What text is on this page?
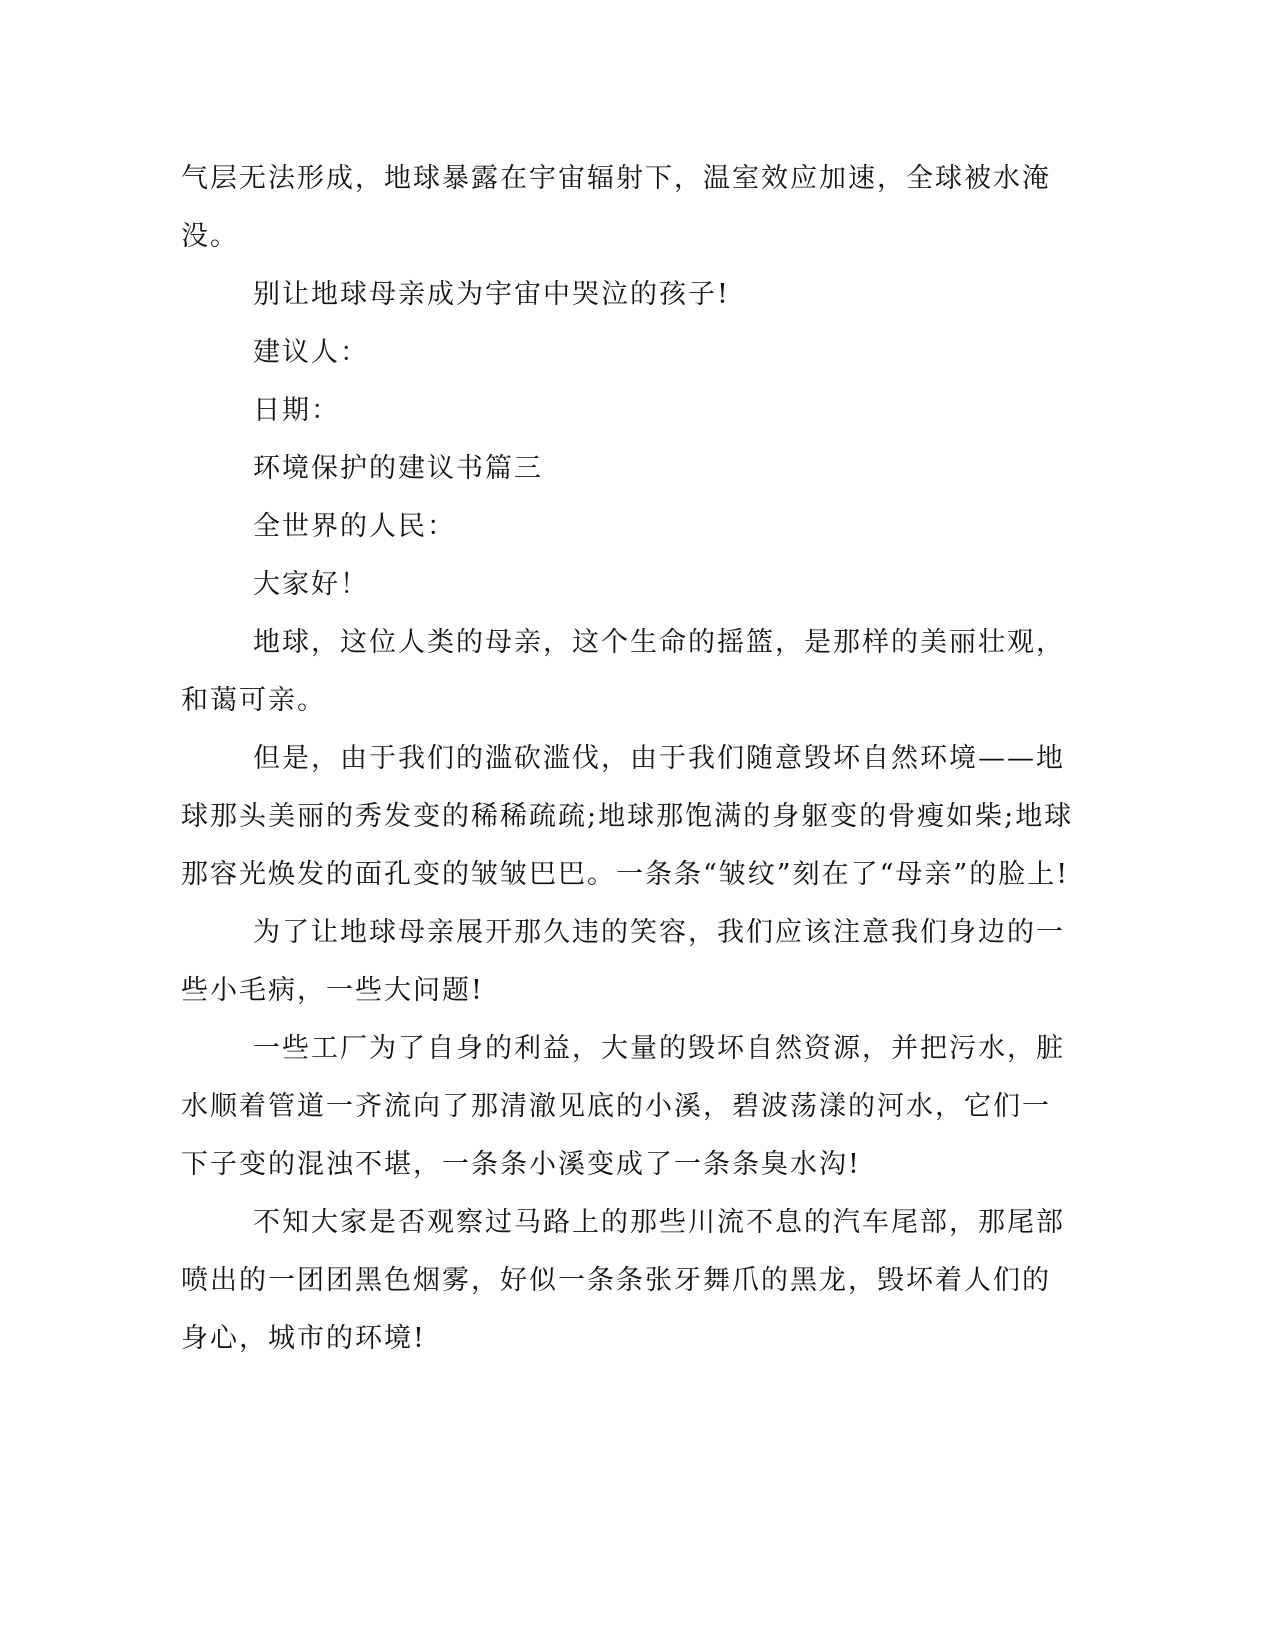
气层无法形成，地球暴露在宇宙辐射下，温室效应加速，全球被水淹
没。
别让地球母亲成为宇宙中哭泣的孩子!
建议人：
日期：
环境保护的建议书篇三
全世界的人民：
大家好！
地球，这位人类的母亲，这个生命的摇篮，是那样的美丽壮观，
和蔼可亲。
但是，由于我们的滥砍滥伐，由于我们随意毁坏自然环境——地
球那头美丽的秀发变的稀稀疏疏;地球那饱满的身躯变的骨瘦如柴;地球
那容光焕发的面孔变的皱皱巴巴。一条条“皱纹”刻在了“母亲”的脸上!
为了让地球母亲展开那久违的笑容，我们应该注意我们身边的一
些小毛病，一些大问题!
一些工厂为了自身的利益，大量的毁坏自然资源，并把污水，脏
水顺着管道一齐流向了那清澈见底的小溪，碧波荡漾的河水，它们一
下子变的混浊不堪，一条条小溪变成了一条条臭水沟!
不知大家是否观察过马路上的那些川流不息的汽车尾部，那尾部
喷出的一团团黑色烟雾，好似一条条张牙舞爪的黑龙，毁坏着人们的
身心，城市的环境!
